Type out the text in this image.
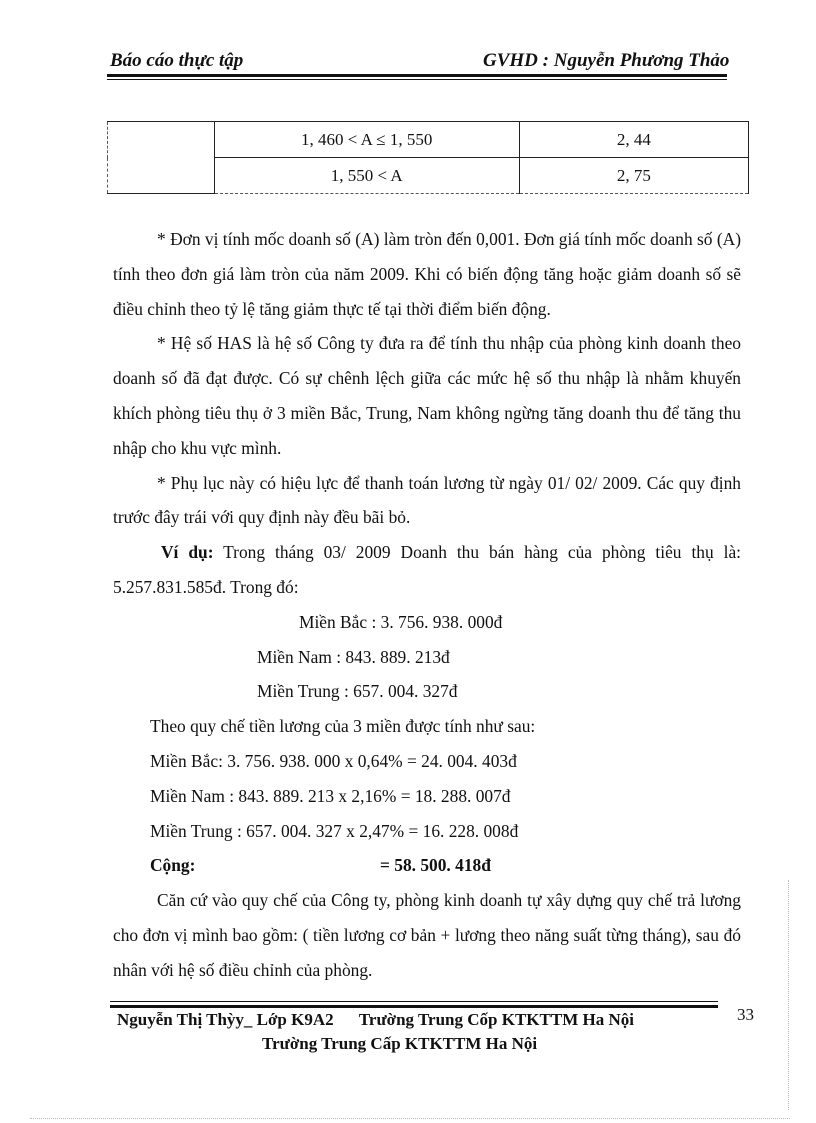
Báo cáo thực tập	GVHD : Nguyễn Phương Thảo
	1, 460 < A ≤ 1, 550	2, 44
	1, 550 < A	2, 75

* Đơn vị tính mốc doanh số (A) làm tròn đến 0,001. Đơn giá tính mốc doanh số (A) tính theo đơn giá làm tròn của năm 2009. Khi có biến động tăng hoặc giảm doanh số sẽ điều chỉnh theo tỷ lệ tăng giảm thực tế tại thời điểm biến động.

* Hệ số HAS là hệ số Công ty đưa ra để tính thu nhập của phòng kinh doanh theo doanh số đã đạt được. Có sự chênh lệch giữa các mức hệ số thu nhập là nhằm khuyến khích phòng tiêu thụ ở 3 miền Bắc, Trung, Nam không ngừng tăng doanh thu để tăng thu nhập cho khu vực mình.

* Phụ lục này có hiệu lực để thanh toán lương từ ngày 01/ 02/ 2009. Các quy định trước đây trái với quy định này đều bãi bỏ.

Ví dụ: Trong tháng 03/ 2009 Doanh thu bán hàng của phòng tiêu thụ là: 5.257.831.585đ. Trong đó:

Miền Bắc : 3. 756. 938. 000đ
Miền Nam : 843. 889. 213đ
Miền Trung : 657. 004. 327đ
Theo quy chế tiền lương của 3 miền được tính như sau:
Miền Bắc: 3. 756. 938. 000 x 0,64% = 24. 004. 403đ
Miền Nam : 843. 889. 213 x 2,16% = 18. 288. 007đ
Miền Trung : 657. 004. 327 x 2,47% = 16. 228. 008đ
Cộng:	= 58. 500. 418đ

Căn cứ vào quy chế của Công ty, phòng kinh doanh tự xây dựng quy chế trả lương cho đơn vị mình bao gồm: ( tiền lương cơ bản + lương theo năng suất từng tháng), sau đó nhân với hệ số điều chỉnh của phòng.

Nguyễn Thị Thỳy_ Lớp K9A2      Trường Trung Cốp KTKTTM Ha Nội	33
Trường Trung Cấp KTKTTM Ha Nội
